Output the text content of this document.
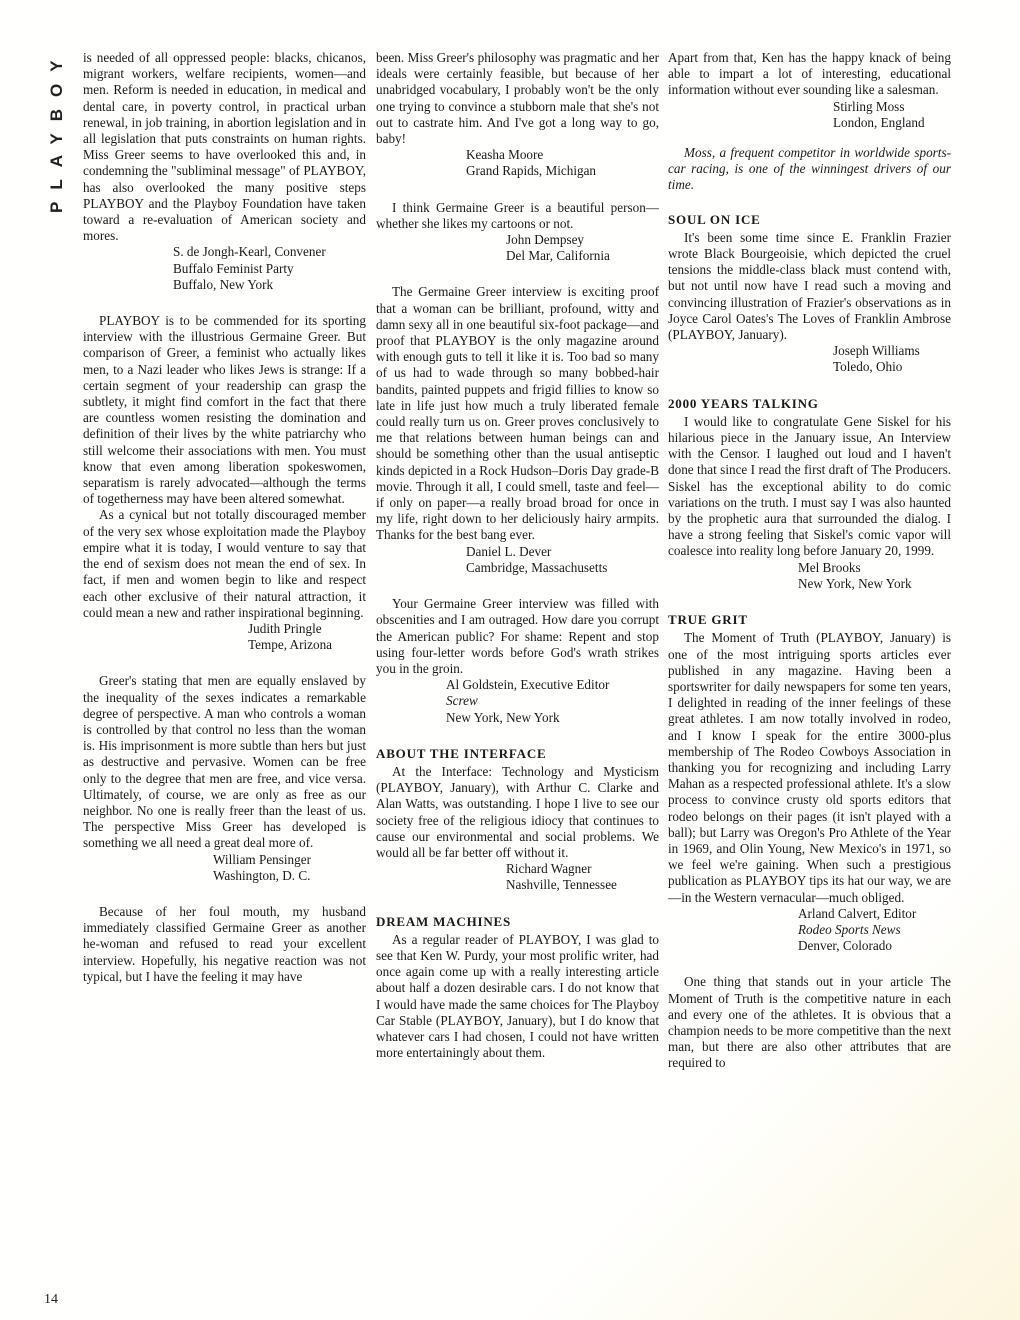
PLAYBOY
14

is needed of all oppressed people: blacks, chicanos, migrant workers, welfare recipients, women—and men. Reform is needed in education, in medical and dental care, in poverty control, in practical urban renewal, in job training, in abortion legislation and in all legislation that puts constraints on human rights. Miss Greer seems to have overlooked this and, in condemning the "subliminal message" of PLAYBOY, has also overlooked the many positive steps PLAYBOY and the Playboy Foundation have taken toward a re-evaluation of American society and mores.

S. de Jongh-Kearl, Convener
Buffalo Feminist Party
Buffalo, New York

PLAYBOY is to be commended for its sporting interview with the illustrious Germaine Greer. But comparison of Greer, a feminist who actually likes men, to a Nazi leader who likes Jews is strange: If a certain segment of your readership can grasp the subtlety, it might find comfort in the fact that there are countless women resisting the domination and definition of their lives by the white patriarchy who still welcome their associations with men. You must know that even among liberation spokeswomen, separatism is rarely advocated—although the terms of togetherness may have been altered somewhat.

As a cynical but not totally discouraged member of the very sex whose exploitation made the Playboy empire what it is today, I would venture to say that the end of sexism does not mean the end of sex. In fact, if men and women begin to like and respect each other exclusive of their natural attraction, it could mean a new and rather inspirational beginning.

Judith Pringle
Tempe, Arizona

Greer's stating that men are equally enslaved by the inequality of the sexes indicates a remarkable degree of perspective. A man who controls a woman is controlled by that control no less than the woman is. His imprisonment is more subtle than hers but just as destructive and pervasive. Women can be free only to the degree that men are free, and vice versa. Ultimately, of course, we are only as free as our neighbor. No one is really freer than the least of us. The perspective Miss Greer has developed is something we all need a great deal more of.

William Pensinger
Washington, D. C.

Because of her foul mouth, my husband immediately classified Germaine Greer as another he-woman and refused to read your excellent interview. Hopefully, his negative reaction was not typical, but I have the feeling it may have

been. Miss Greer's philosophy was pragmatic and her ideals were certainly feasible, but because of her unabridged vocabulary, I probably won't be the only one trying to convince a stubborn male that she's not out to castrate him. And I've got a long way to go, baby!

Keasha Moore
Grand Rapids, Michigan

I think Germaine Greer is a beautiful person—whether she likes my cartoons or not.

John Dempsey
Del Mar, California

The Germaine Greer interview is exciting proof that a woman can be brilliant, profound, witty and damn sexy all in one beautiful six-foot package—and proof that PLAYBOY is the only magazine around with enough guts to tell it like it is. Too bad so many of us had to wade through so many bobbed-hair bandits, painted puppets and frigid fillies to know so late in life just how much a truly liberated female could really turn us on. Greer proves conclusively to me that relations between human beings can and should be something other than the usual antiseptic kinds depicted in a Rock Hudson–Doris Day grade-B movie. Through it all, I could smell, taste and feel—if only on paper—a really broad broad for once in my life, right down to her deliciously hairy armpits. Thanks for the best bang ever.

Daniel L. Dever
Cambridge, Massachusetts

Your Germaine Greer interview was filled with obscenities and I am outraged. How dare you corrupt the American public? For shame: Repent and stop using four-letter words before God's wrath strikes you in the groin.

Al Goldstein, Executive Editor
Screw
New York, New York
ABOUT THE INTERFACE

At the Interface: Technology and Mysticism (PLAYBOY, January), with Arthur C. Clarke and Alan Watts, was outstanding. I hope I live to see our society free of the religious idiocy that continues to cause our environmental and social problems. We would all be far better off without it.

Richard Wagner
Nashville, Tennessee
DREAM MACHINES

As a regular reader of PLAYBOY, I was glad to see that Ken W. Purdy, your most prolific writer, had once again come up with a really interesting article about half a dozen desirable cars. I do not know that I would have made the same choices for The Playboy Car Stable (PLAYBOY, January), but I do know that whatever cars I had chosen, I could not have written more entertainingly about them.

Apart from that, Ken has the happy knack of being able to impart a lot of interesting, educational information without ever sounding like a salesman.

Stirling Moss
London, England

Moss, a frequent competitor in worldwide sports-car racing, is one of the winningest drivers of our time.

SOUL ON ICE

It's been some time since E. Franklin Frazier wrote Black Bourgeoisie, which depicted the cruel tensions the middle-class black must contend with, but not until now have I read such a moving and convincing illustration of Frazier's observations as in Joyce Carol Oates's The Loves of Franklin Ambrose (PLAYBOY, January).

Joseph Williams
Toledo, Ohio
2000 YEARS TALKING

I would like to congratulate Gene Siskel for his hilarious piece in the January issue, An Interview with the Censor. I laughed out loud and I haven't done that since I read the first draft of The Producers. Siskel has the exceptional ability to do comic variations on the truth. I must say I was also haunted by the prophetic aura that surrounded the dialog. I have a strong feeling that Siskel's comic vapor will coalesce into reality long before January 20, 1999.

Mel Brooks
New York, New York
TRUE GRIT

The Moment of Truth (PLAYBOY, January) is one of the most intriguing sports articles ever published in any magazine. Having been a sportswriter for daily newspapers for some ten years, I delighted in reading of the inner feelings of these great athletes. I am now totally involved in rodeo, and I know I speak for the entire 3000-plus membership of The Rodeo Cowboys Association in thanking you for recognizing and including Larry Mahan as a respected professional athlete. It's a slow process to convince crusty old sports editors that rodeo belongs on their pages (it isn't played with a ball); but Larry was Oregon's Pro Athlete of the Year in 1969, and Olin Young, New Mexico's in 1971, so we feel we're gaining. When such a prestigious publication as PLAYBOY tips its hat our way, we are—in the Western vernacular—much obliged.

Arland Calvert, Editor
Rodeo Sports News
Denver, Colorado

One thing that stands out in your article The Moment of Truth is the competitive nature in each and every one of the athletes. It is obvious that a champion needs to be more competitive than the next man, but there are also other attributes that are required to
